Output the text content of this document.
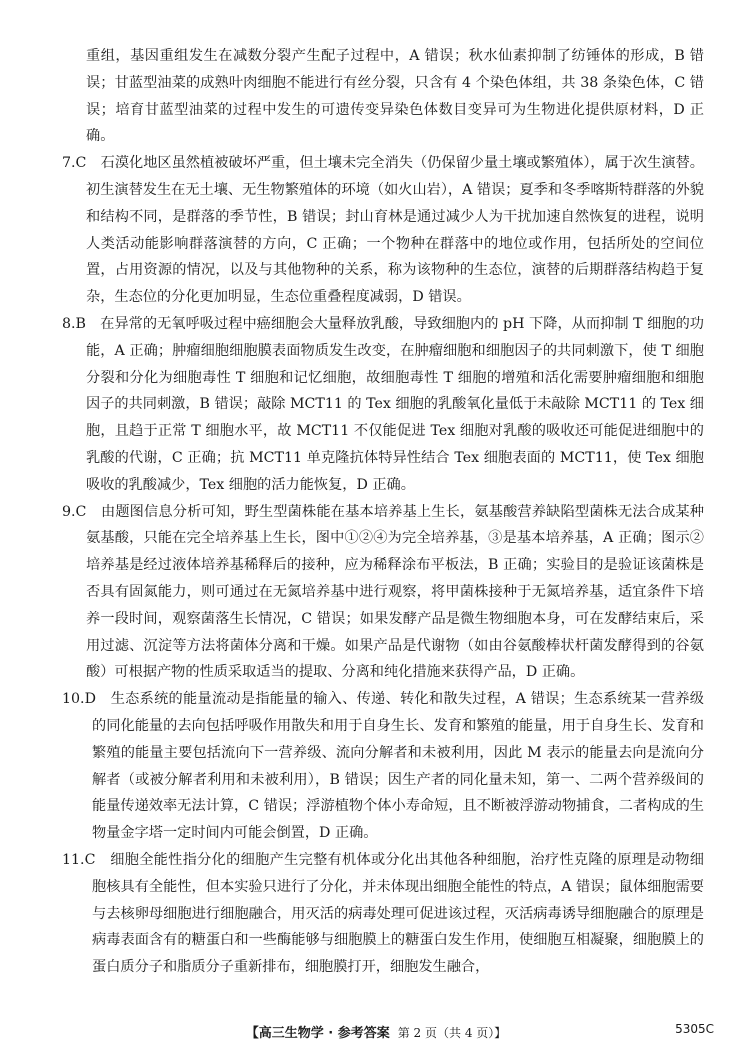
重组，基因重组发生在减数分裂产生配子过程中，A 错误；秋水仙素抑制了纺锤体的形成，B 错误；甘蓝型油菜的成熟叶肉细胞不能进行有丝分裂，只含有 4 个染色体组，共 38 条染色体，C 错误；培育甘蓝型油菜的过程中发生的可遗传变异染色体数目变异可为生物进化提供原材料，D 正确。

7.C　 石漠化地区虽然植被破坏严重，但土壤未完全消失（仍保留少量土壤或繁殖体），属于次生演替。初生演替发生在无土壤、无生物繁殖体的环境（如火山岩），A 错误；夏季和冬季喀斯特群落的外貌和结构不同，是群落的季节性，B 错误；封山育林是通过减少人为干扰加速自然恢复的进程，说明人类活动能影响群落演替的方向，C 正确；一个物种在群落中的地位或作用，包括所处的空间位置，占用资源的情况，以及与其他物种的关系，称为该物种的生态位，演替的后期群落结构趋于复杂，生态位的分化更加明显，生态位重叠程度减弱，D 错误。

8.B　 在异常的无氧呼吸过程中癌细胞会大量释放乳酸，导致细胞内的 pH 下降，从而抑制 T 细胞的功能，A 正确；肿瘤细胞细胞膜表面物质发生改变，在肿瘤细胞和细胞因子的共同刺激下，使 T 细胞分裂和分化为细胞毒性 T 细胞和记忆细胞，故细胞毒性 T 细胞的增殖和活化需要肿瘤细胞和细胞因子的共同刺激，B 错误；敲除 MCT11 的 Tex 细胞的乳酸氧化量低于未敲除 MCT11 的 Tex 细胞，且趋于正常 T 细胞水平，故 MCT11 不仅能促进 Tex 细胞对乳酸的吸收还可能促进细胞中的乳酸的代谢，C 正确；抗 MCT11 单克隆抗体特异性结合 Tex 细胞表面的 MCT11，使 Tex 细胞吸收的乳酸减少，Tex 细胞的活力能恢复，D 正确。

9.C　 由题图信息分析可知，野生型菌株能在基本培养基上生长，氨基酸营养缺陷型菌株无法合成某种氨基酸，只能在完全培养基上生长，图中①②④为完全培养基，③是基本培养基，A 正确；图示②培养基是经过液体培养基稀释后的接种，应为稀释涂布平板法，B 正确；实验目的是验证该菌株是否具有固氮能力，则可通过在无氮培养基中进行观察，将甲菌株接种于无氮培养基，适宜条件下培养一段时间，观察菌落生长情况，C 错误；如果发酵产品是微生物细胞本身，可在发酵结束后，采用过滤、沉淀等方法将菌体分离和干燥。如果产品是代谢物（如由谷氨酸棒状杆菌发酵得到的谷氨酸）可根据产物的性质采取适当的提取、分离和纯化措施来获得产品，D 正确。

10.D　 生态系统的能量流动是指能量的输入、传递、转化和散失过程，A 错误；生态系统某一营养级的同化能量的去向包括呼吸作用散失和用于自身生长、发育和繁殖的能量，用于自身生长、发育和繁殖的能量主要包括流向下一营养级、流向分解者和未被利用，因此 M 表示的能量去向是流向分解者（或被分解者利用和未被利用），B 错误；因生产者的同化量未知，第一、二两个营养级间的能量传递效率无法计算，C 错误；浮游植物个体小寿命短，且不断被浮游动物捕食，二者构成的生物量金字塔一定时间内可能会倒置，D 正确。

11.C　 细胞全能性指分化的细胞产生完整有机体或分化出其他各种细胞，治疗性克隆的原理是动物细胞核具有全能性，但本实验只进行了分化，并未体现出细胞全能性的特点，A 错误；鼠体细胞需要与去核卵母细胞进行细胞融合，用灭活的病毒处理可促进该过程，灭活病毒诱导细胞融合的原理是病毒表面含有的糖蛋白和一些酶能够与细胞膜上的糖蛋白发生作用，使细胞互相凝聚，细胞膜上的蛋白质分子和脂质分子重新排布，细胞膜打开，细胞发生融合，

【高三生物学 · 参考答案 第 2 页（共 4 页）】	5305C
